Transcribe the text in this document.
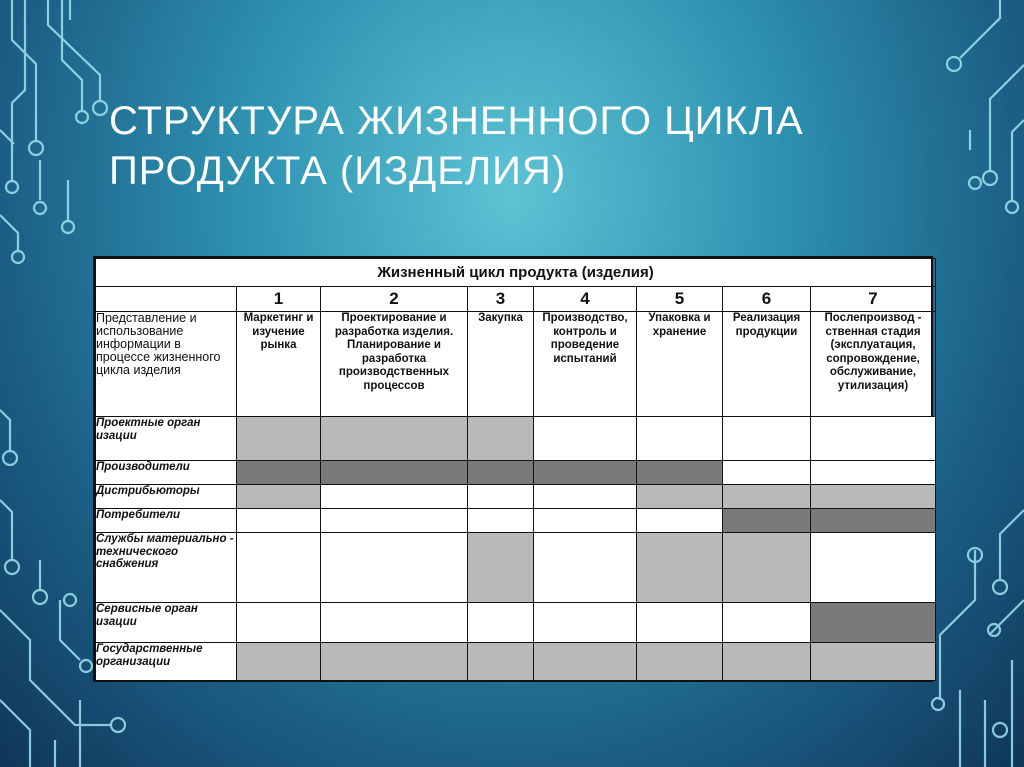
СТРУКТУРА ЖИЗНЕННОГО ЦИКЛА
ПРОДУКТА (ИЗДЕЛИЯ)
Жизненный цикл продукта (изделия)							
	1	2	3	4	5	6	7
Представление и использование информации в процессе жизненного цикла изделия	Маркетинг и изучение рынка	Проектирование и разработка изделия. Планирование и разработка производственных процессов	Закупка	Производство, контроль и проведение испытаний	Упаковка и хранение	Реализация продукции	Послепроизвод - ственная стадия (эксплуатация, сопровождение, обслуживание, утилизация)
Проектные орган изации							
Производители							
Дистрибьюторы							
Потребители							
Службы материально - технического снабжения							
Сервисные орган изации							
Государственные организации							
